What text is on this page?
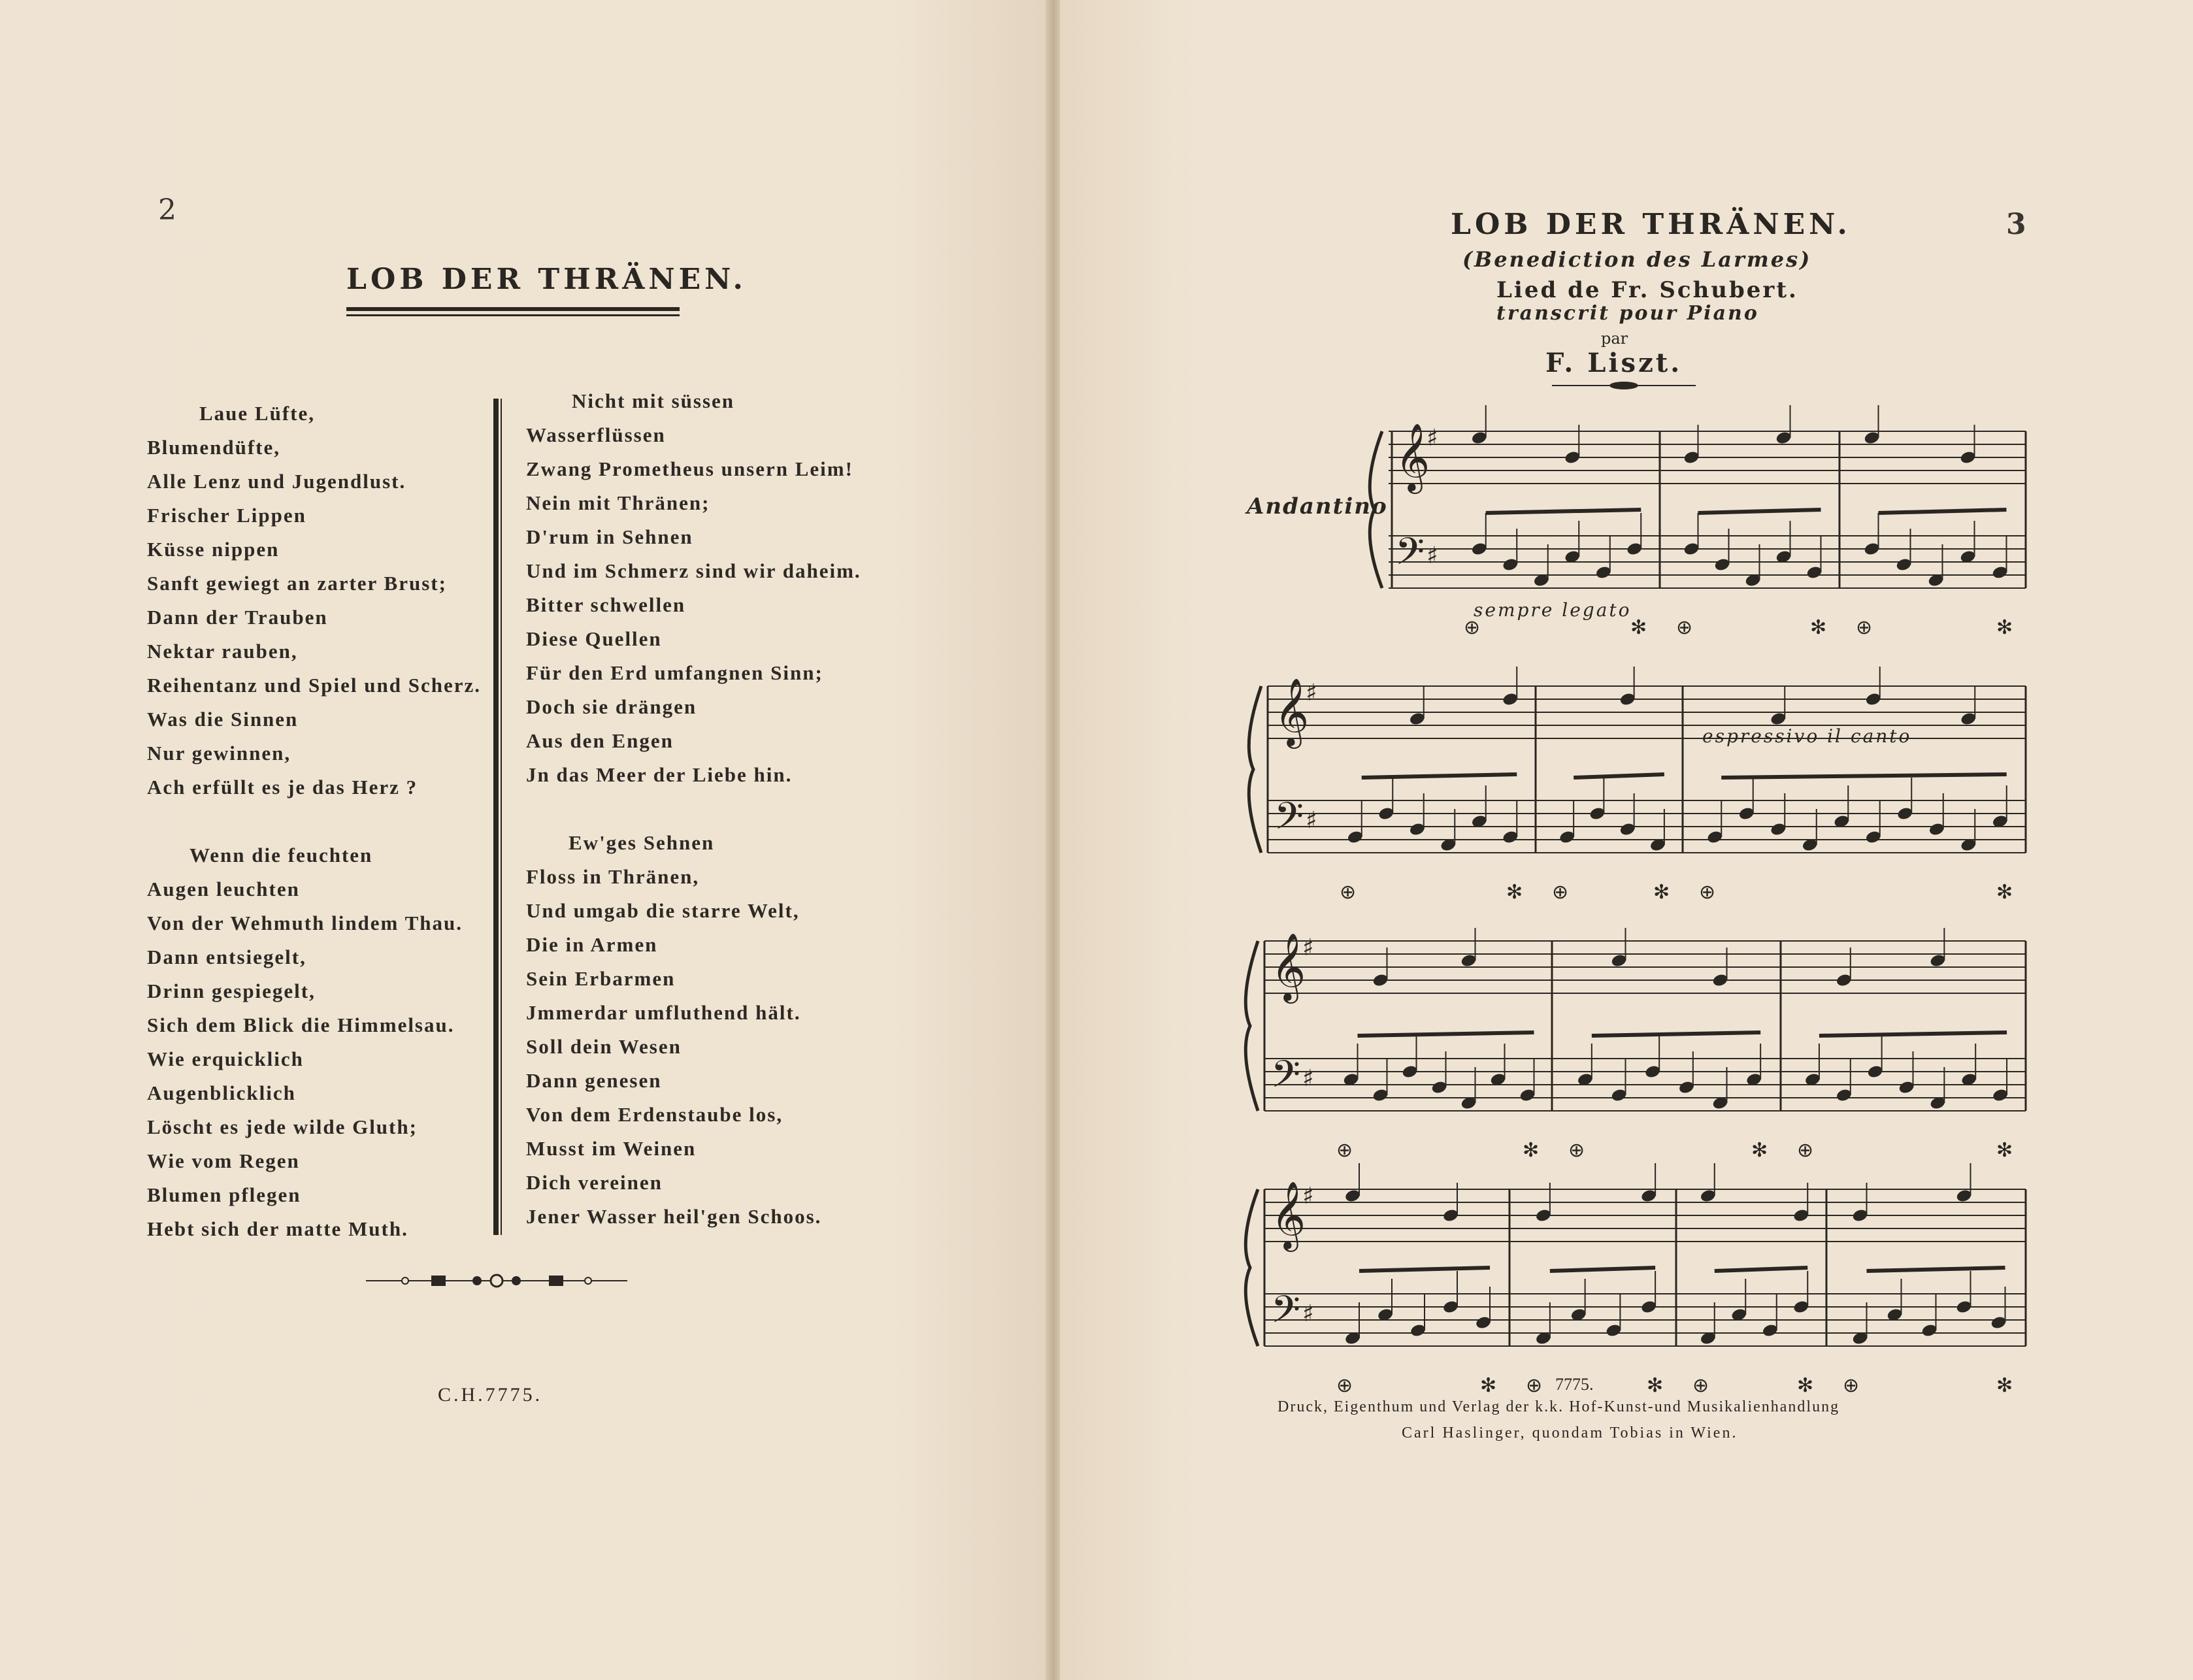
2
LOB DER THRÄNEN.
Laue Lüfte,
Blumendüfte,
Alle Lenz und Jugendlust.
Frischer Lippen
Küsse nippen
Sanft gewiegt an zarter Brust;
Dann der Trauben
Nektar rauben,
Reihentanz und Spiel und Scherz.
Was die Sinnen
Nur gewinnen,
Ach erfüllt es je das Herz ?
Wenn die feuchten
Augen leuchten
Von der Wehmuth lindem Thau.
Dann entsiegelt,
Drinn gespiegelt,
Sich dem Blick die Himmelsau.
Wie erquicklich
Augenblicklich
Löscht es jede wilde Gluth;
Wie vom Regen
Blumen pflegen
Hebt sich der matte Muth.
Nicht mit süssen
Wasserflüssen
Zwang Prometheus unsern Leim!
Nein mit Thränen;
D'rum in Sehnen
Und im Schmerz sind wir daheim.
Bitter schwellen
Diese Quellen
Für den Erd umfangnen Sinn;
Doch sie drängen
Aus den Engen
Jn das Meer der Liebe hin.
Ew'ges Sehnen
Floss in Thränen,
Und umgab die starre Welt,
Die in Armen
Sein Erbarmen
Jmmerdar umfluthend hält.
Soll dein Wesen
Dann genesen
Von dem Erdenstaube los,
Musst im Weinen
Dich vereinen
Jener Wasser heil'gen Schoos.
C.H.7775.
LOB DER THRÄNEN.	3
(Benediction des Larmes)
Lied de Fr. Schubert.
transcrit pour Piano
par
F. Liszt.
𝄞
𝄢
♯
♯
⊕	✻ ⊕	✻ ⊕	✻
𝄞
𝄢
♯
♯
⊕	✻ ⊕	✻ ⊕	✻
𝄞
𝄢
♯
♯
⊕	✻ ⊕	✻ ⊕	✻
𝄞
𝄢
♯
♯
⊕	✻ ⊕	✻ ⊕	✻ ⊕	✻
Andantino
sempre legato
espressivo il canto
7775.
Druck, Eigenthum und Verlag der k.k. Hof-Kunst-und Musikalienhandlung
Carl Haslinger, quondam Tobias in Wien.
